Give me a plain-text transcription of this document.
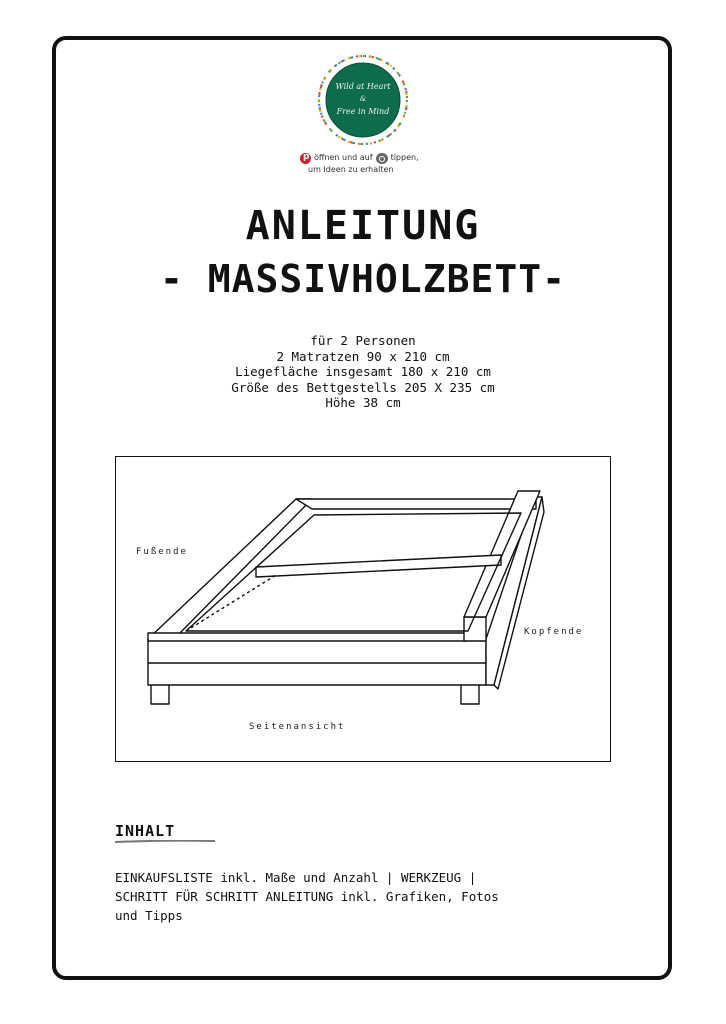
Wild at Heart
&
Free in Mind
p
öffnen und auf tippen,
um Ideen zu erhalten
ANLEITUNG
- MASSIVHOLZBETT-
für 2 Personen
2 Matratzen 90 x 210 cm
Liegefläche insgesamt 180 x 210 cm
Größe des Bettgestells 205 X 235 cm
Höhe 38 cm
Fußende
Kopfende
Seitenansicht
INHALT
EINKAUFSLISTE inkl. Maße und Anzahl | WERKZEUG |
SCHRITT FÜR SCHRITT ANLEITUNG inkl. Grafiken, Fotos
und Tipps
